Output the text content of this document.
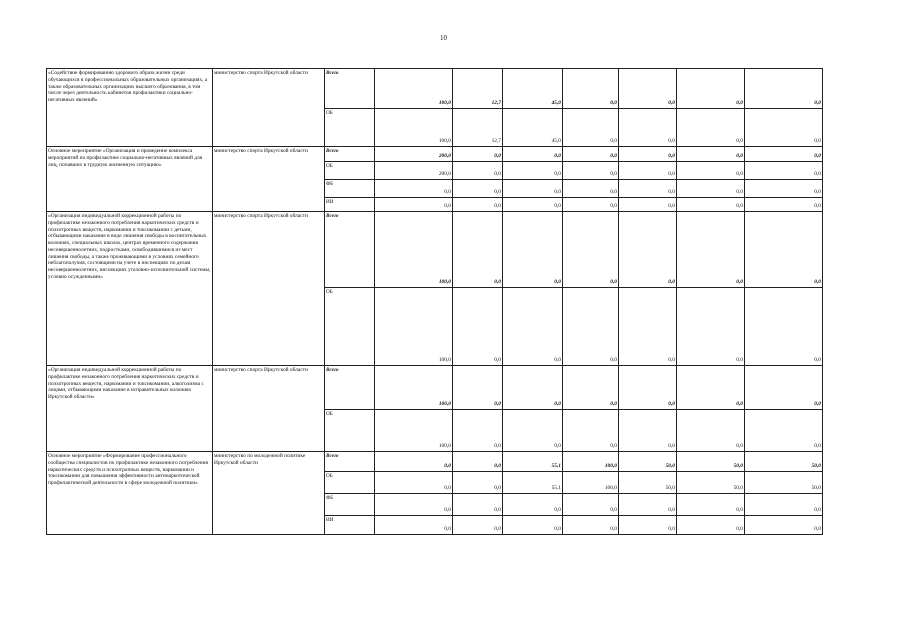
10
«Содействие формированию здорового образа жизни среди обучающихся в профессиональных образовательных организациях, а также образовательных организациях высшего образования, в том числе через деятельность кабинетов профилактики социально-негативных явлений»	министерство спорта Иркутской области	Всего	100,0	12,7	45,0	0,0	0,0	0,0	0,0
		ОБ	100,0	12,7	45,0	0,0	0,0	0,0	0,0
Основное мероприятие «Организация и проведение комплекса мероприятий по профилактике социально-негативных явлений для лиц, попавших в трудную жизненную ситуацию»	министерство спорта Иркутской области	Всего	200,0	0,0	0,0	0,0	0,0	0,0	0,0
		ОБ	200,0	0,0	0,0	0,0	0,0	0,0	0,0
		ФБ	0,0	0,0	0,0	0,0	0,0	0,0	0,0
		ИИ	0,0	0,0	0,0	0,0	0,0	0,0	0,0
«Организация индивидуальной коррекционной работы по профилактике незаконного потребления наркотических средств и психотропных веществ, наркомании и токсикомании с детьми, отбывающими наказание в виде лишения свободы в воспитательных колониях, специальных школах, центрах временного содержания несовершеннолетних, подростками, освободившимися из мест лишения свободы, а также проживающими в условиях семейного неблагополучия, состоящими на учете в инспекциях по делам несовершеннолетних, инспекциях уголовно-исполнительной системы, условно осужденными»	министерство спорта Иркутской области	Всего	100,0	0,0	0,0	0,0	0,0	0,0	0,0
		ОБ	100,0	0,0	0,0	0,0	0,0	0,0	0,0
«Организация индивидуальной коррекционной работы по профилактике незаконного потребления наркотических средств и психотропных веществ, наркомании и токсикомании, алкоголизма с лицами, отбывающими наказание в исправительных колониях Иркутской области»	министерство спорта Иркутской области	Всего	100,0	0,0	0,0	0,0	0,0	0,0	0,0
		ОБ	100,0	0,0	0,0	0,0	0,0	0,0	0,0
Основное мероприятие «Формирование профессионального сообщества специалистов по профилактике незаконного потребления наркотических средств и психотропных веществ, наркомании и токсикомании для повышения эффективности антинаркотической профилактической деятельности в сфере молодежной политики»	министерство по молодежной политике Иркутской области	Всего	0,0	0,0	55,1	100,0	50,0	50,0	50,0
		ОБ	0,0	0,0	55,1	100,0	50,0	50,0	50,0
		ФБ	0,0	0,0	0,0	0,0	0,0	0,0	0,0
		ИИ	0,0	0,0	0,0	0,0	0,0	0,0	0,0
